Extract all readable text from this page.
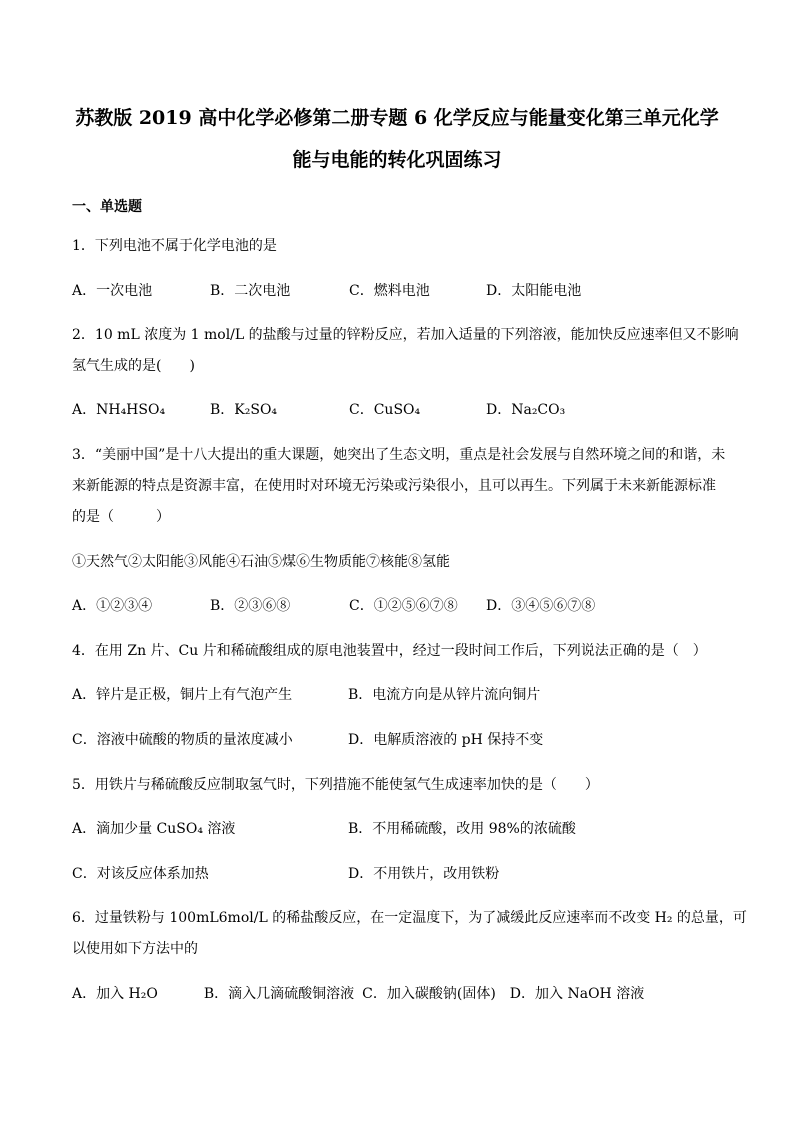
苏教版 2019 高中化学必修第二册专题 6 化学反应与能量变化第三单元化学
能与电能的转化巩固练习
一、单选题
1．下列电池不属于化学电池的是
A．一次电池	B．二次电池	C．燃料电池	D．太阳能电池
2．10 mL 浓度为 1 mol/L 的盐酸与过量的锌粉反应，若加入适量的下列溶液，能加快反应速率但又不影响
氢气生成的是(　　)
A．NH₄HSO₄	B．K₂SO₄	C．CuSO₄	D．Na₂CO₃
3．“美丽中国”是十八大提出的重大课题，她突出了生态文明，重点是社会发展与自然环境之间的和谐，未
来新能源的特点是资源丰富，在使用时对环境无污染或污染很小，且可以再生。下列属于未来新能源标准
的是（　　　）
①天然气②太阳能③风能④石油⑤煤⑥生物质能⑦核能⑧氢能
A．①②③④	B．②③⑥⑧	C．①②⑤⑥⑦⑧ D．③④⑤⑥⑦⑧
4．在用 Zn 片、Cu 片和稀硫酸组成的原电池装置中，经过一段时间工作后，下列说法正确的是（　）
A．锌片是正极，铜片上有气泡产生	B．电流方向是从锌片流向铜片
C．溶液中硫酸的物质的量浓度减小	D．电解质溶液的 pH 保持不变
5．用铁片与稀硫酸反应制取氢气时，下列措施不能使氢气生成速率加快的是（　　）
A．滴加少量 CuSO₄ 溶液	B．不用稀硫酸，改用 98%的浓硫酸
C．对该反应体系加热	D．不用铁片，改用铁粉
6．过量铁粉与 100mL6mol/L 的稀盐酸反应，在一定温度下，为了减缓此反应速率而不改变 H₂ 的总量，可
以使用如下方法中的
A．加入 H₂O	B．滴入几滴硫酸铜溶液 C．加入碳酸钠(固体) D．加入 NaOH 溶液
